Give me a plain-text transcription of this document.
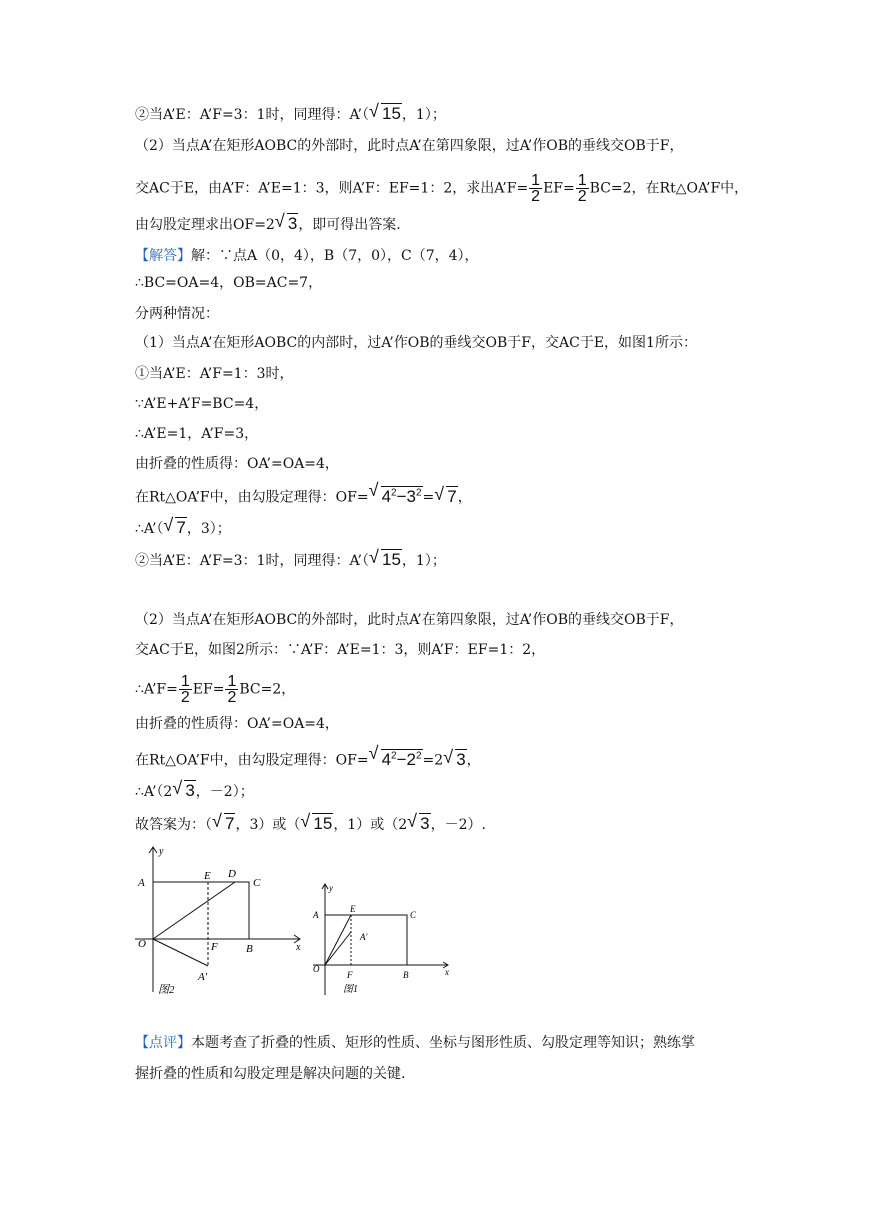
②当A’E：A’F=3：1时，同理得：A’（√ 15，1）；
（2）当点A’在矩形AOBC的外部时，此时点A’在第四象限，过A’作OB的垂线交OB于F，
交AC于E，由A’F：A’E=1：3，则A’F：EF=1：2，求出A’F= $\frac{1}{2} EF= \frac{1}{2} BC=2$，在Rt△OA’F中，
由勾股定理求出OF=2√ 3，即可得出答案.
【解答】解：∵点A（0，4），B（7，0），C（7，4），
∴BC=OA=4，OB=AC=7，
分两种情况：
（1）当点A’在矩形AOBC的内部时，过A’作OB的垂线交OB于F，交AC于E，如图1所示：
①当A’E：A’F=1：3时，
∵A’E+A’F=BC=4，
∴A’E=1，A’F=3，
由折叠的性质得：OA’=OA=4，
在Rt△OA’F中，由勾股定理得：OF=√ $4^2-3^2=√$ 7，
∴A’（√ 7，3）；
②当A’E：A’F=3：1时，同理得：A’（√ 15，1）；
（2）当点A’在矩形AOBC的外部时，此时点A’在第四象限，过A’作OB的垂线交OB于F，
交AC于E，如图2所示：∵A’F：A’E=1：3，则A’F：EF=1：2，
∴A’F= $\frac{1}{2} EF= \frac{1}{2} BC=2$，
由折叠的性质得：OA’=OA=4，
在Rt△OA’F中，由勾股定理得：OF=√ $4^2-2^2=2√$ 3，
∴A’（2√ 3，－2）；
故答案为：（√ 7，3）或（√ 15，1）或（2√ 3，－2）.
y
x
A
E D
C
O	F	B
A′
图2
y
x
A
E
C
O
A′
F	B
图1
【点评】本题考查了折叠的性质、矩形的性质、坐标与图形性质、勾股定理等知识；熟练掌
握折叠的性质和勾股定理是解决问题的关键.
